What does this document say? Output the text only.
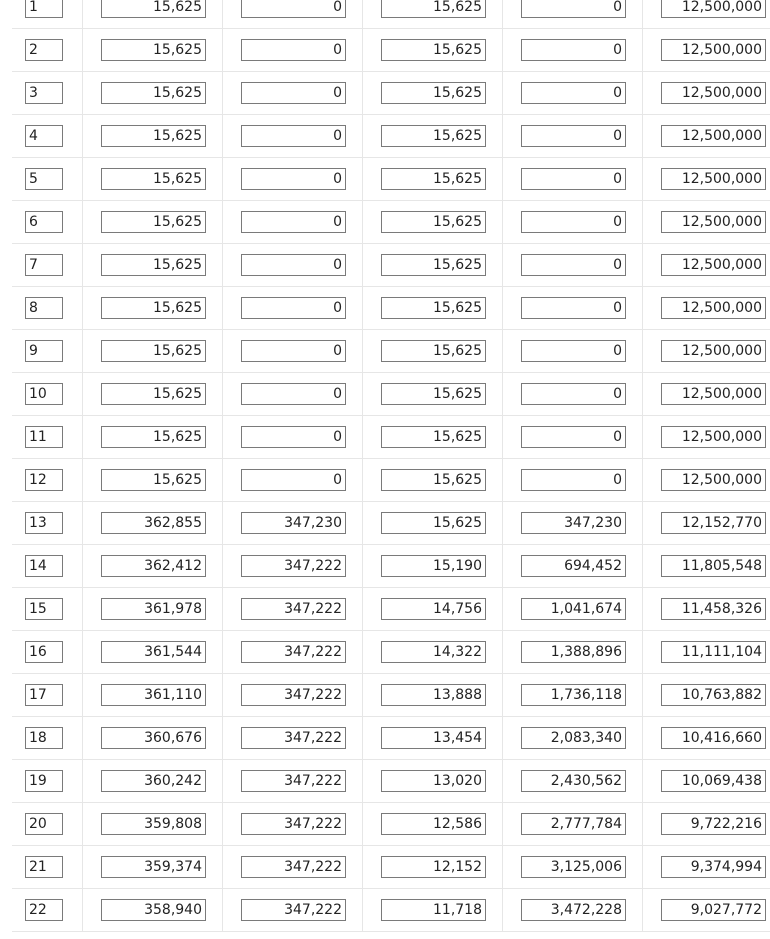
1	15,625	0	15,625	0	12,500,000
2	15,625	0	15,625	0	12,500,000
3	15,625	0	15,625	0	12,500,000
4	15,625	0	15,625	0	12,500,000
5	15,625	0	15,625	0	12,500,000
6	15,625	0	15,625	0	12,500,000
7	15,625	0	15,625	0	12,500,000
8	15,625	0	15,625	0	12,500,000
9	15,625	0	15,625	0	12,500,000
10	15,625	0	15,625	0	12,500,000
11	15,625	0	15,625	0	12,500,000
12	15,625	0	15,625	0	12,500,000
13	362,855	347,230	15,625	347,230	12,152,770
14	362,412	347,222	15,190	694,452	11,805,548
15	361,978	347,222	14,756	1,041,674	11,458,326
16	361,544	347,222	14,322	1,388,896	11,111,104
17	361,110	347,222	13,888	1,736,118	10,763,882
18	360,676	347,222	13,454	2,083,340	10,416,660
19	360,242	347,222	13,020	2,430,562	10,069,438
20	359,808	347,222	12,586	2,777,784	9,722,216
21	359,374	347,222	12,152	3,125,006	9,374,994
22	358,940	347,222	11,718	3,472,228	9,027,772
